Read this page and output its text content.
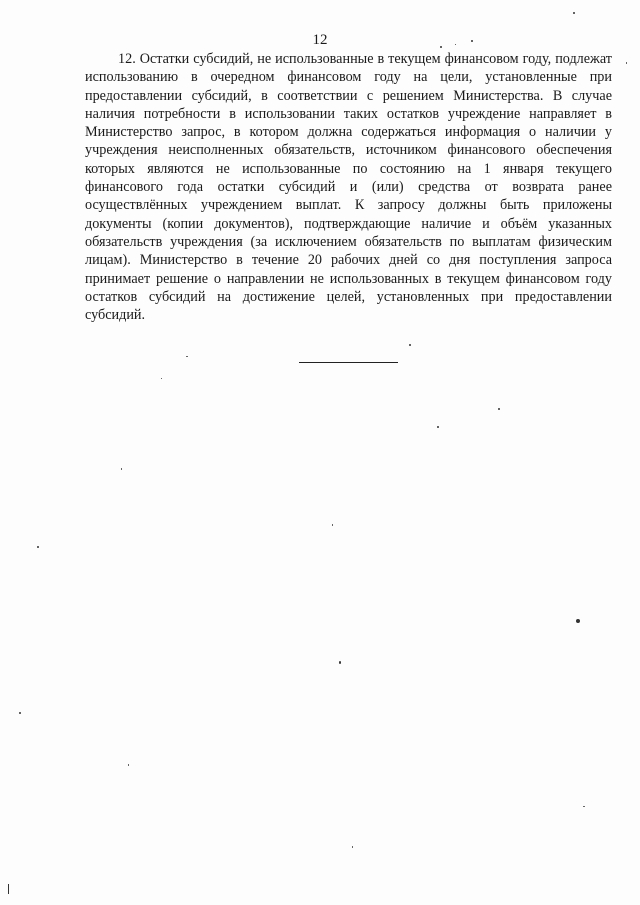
12

12. Остатки субсидий, не использованные в текущем финансовом году, подлежат использованию в очередном финансовом году на цели, установленные при предоставлении субсидий, в соответствии с решением Министерства. В случае наличия потребности в использовании таких остатков учреждение направляет в Министерство запрос, в котором должна содержаться информация о наличии у учреждения неисполненных обязательств, источником финансового обеспечения которых являются не использованные по состоянию на 1 января текущего финансового года остатки субсидий и (или) средства от возврата ранее осуществлённых учреждением выплат. К запросу должны быть приложены документы (копии документов), подтверждающие наличие и объём указанных обязательств учреждения (за исключением обязательств по выплатам физическим лицам). Министерство в течение 20 рабочих дней со дня поступления запроса принимает решение о направлении не использованных в текущем финансовом году остатков субсидий на достижение целей, установленных при предоставлении субсидий.
